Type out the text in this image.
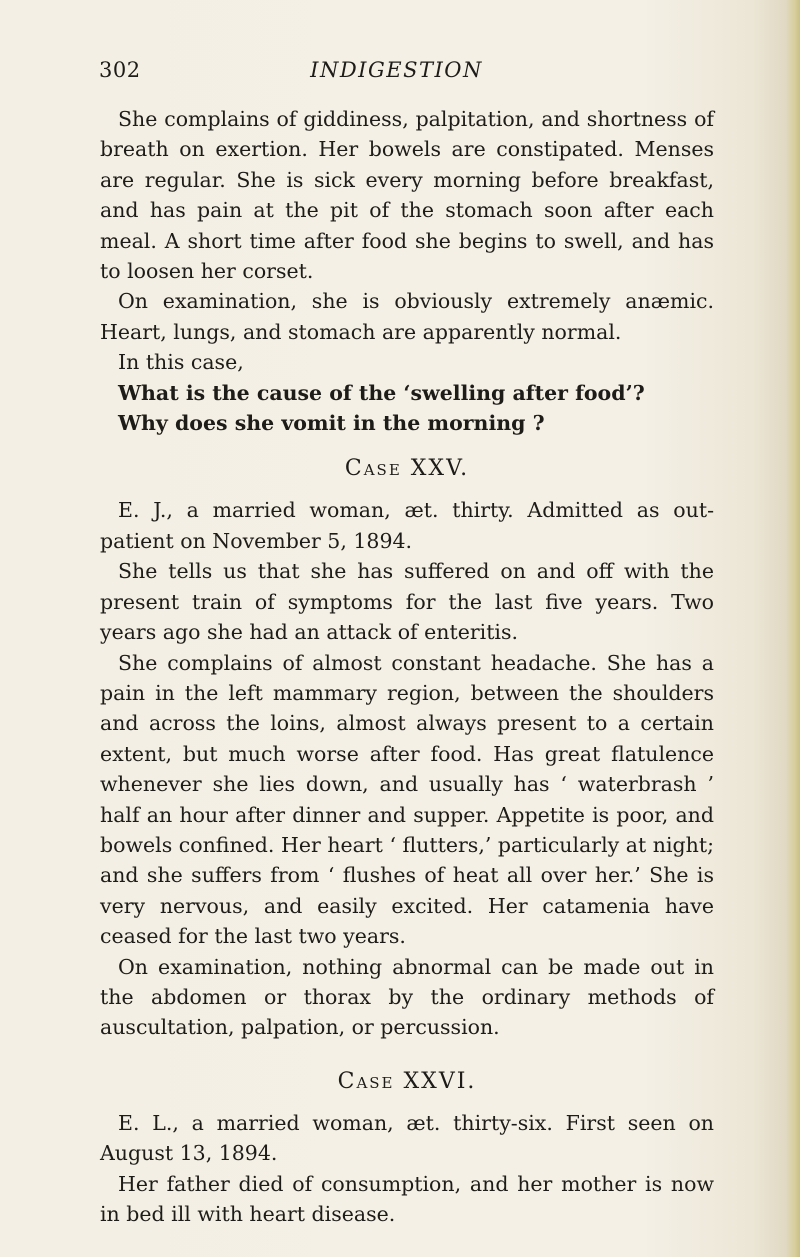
302	INDIGESTION

She complains of giddiness, palpitation, and shortness of breath on exertion. Her bowels are constipated. Menses are regular. She is sick every morning before breakfast, and has pain at the pit of the stomach soon after each meal. A short time after food she begins to swell, and has to loosen her corset.

On examination, she is obviously extremely anæmic. Heart, lungs, and stomach are apparently normal.

In this case,

What is the cause of the ‘swelling after food’?

Why does she vomit in the morning ?

Case XXV.

E. J., a married woman, æt. thirty. Admitted as out-patient on November 5, 1894.

She tells us that she has suffered on and off with the present train of symptoms for the last five years. Two years ago she had an attack of enteritis.

She complains of almost constant headache. She has a pain in the left mammary region, between the shoulders and across the loins, almost always present to a certain extent, but much worse after food. Has great flatulence whenever she lies down, and usually has ‘ waterbrash ’ half an hour after dinner and supper. Appetite is poor, and bowels confined. Her heart ‘ flutters,’ particularly at night; and she suffers from ‘ flushes of heat all over her.’ She is very nervous, and easily excited. Her catamenia have ceased for the last two years.

On examination, nothing abnormal can be made out in the abdomen or thorax by the ordinary methods of auscultation, palpation, or percussion.

Case XXVI.

E. L., a married woman, æt. thirty-six. First seen on August 13, 1894.

Her father died of consumption, and her mother is now in bed ill with heart disease.
